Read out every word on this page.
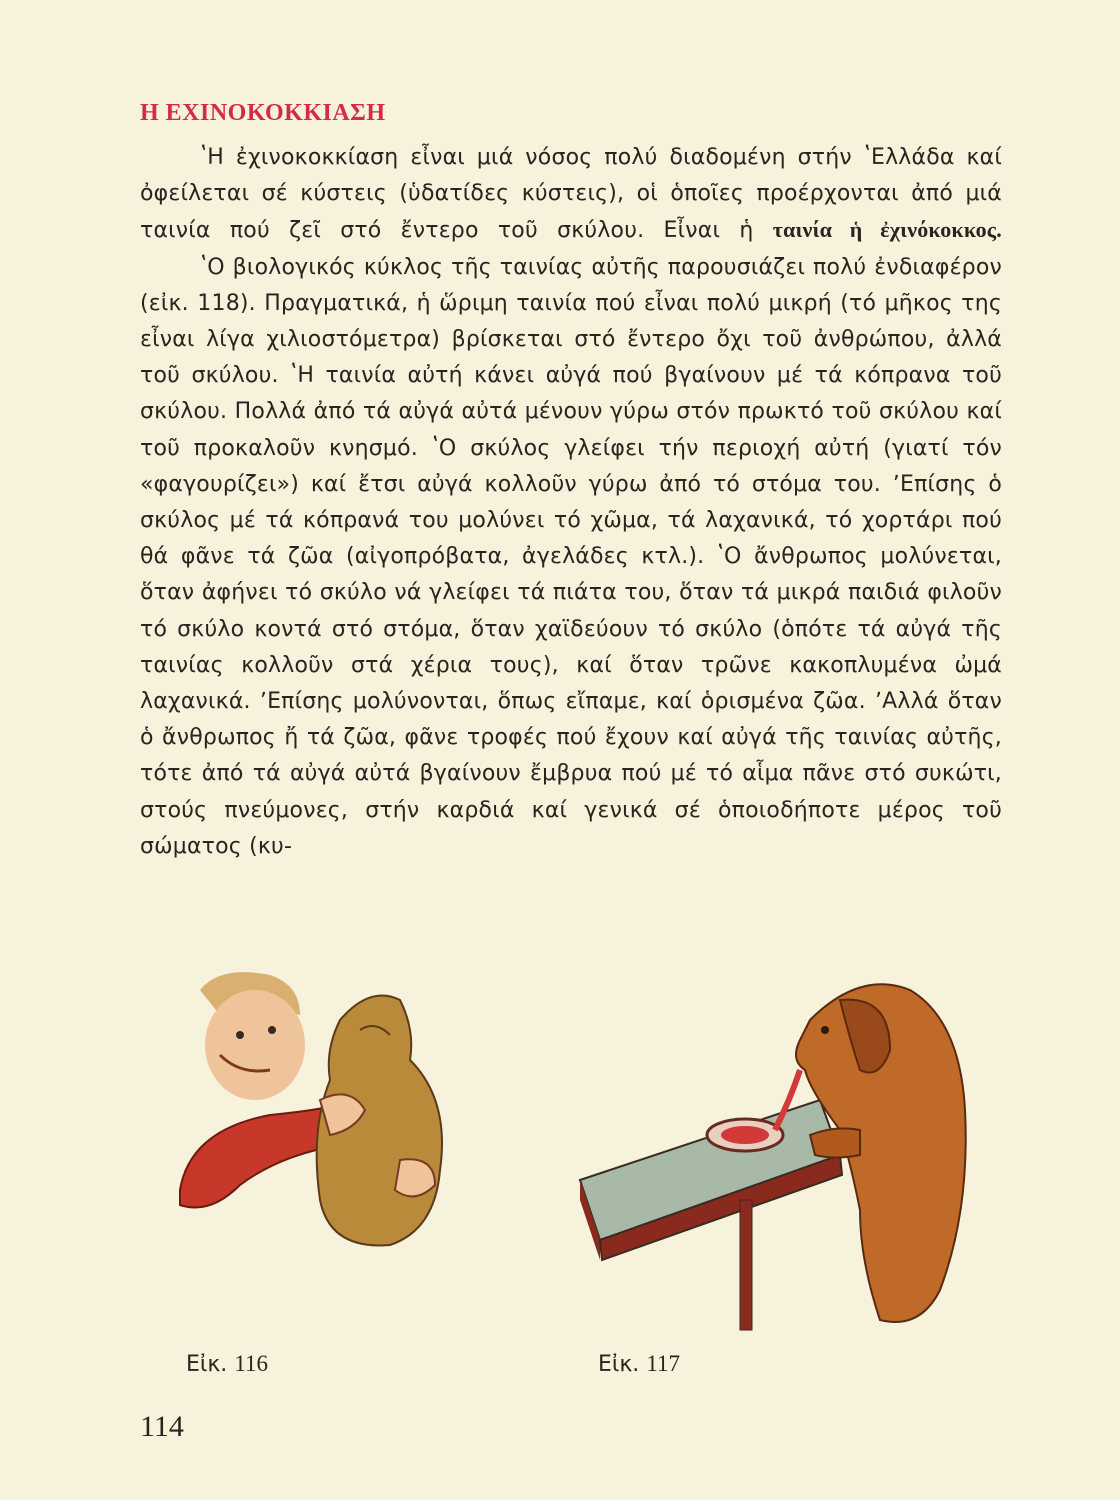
Η ΕΧΙΝΟΚΟΚΚΙΑΣΗ

ʽΗ ἐχινοκοκκίαση εἶναι μιά νόσος πολύ διαδομένη στήν ʽΕλλάδα καί ὀφείλεται σέ κύστεις (ὑδατίδες κύστεις), οἱ ὁποῖες προέρχονται ἀπό μιά ταινία πού ζεῖ στό ἔντερο τοῦ σκύλου. Εἶναι ἡ ταινία ἡ ἐχινόκοκκος.

ʽΟ βιολογικός κύκλος τῆς ταινίας αὐτῆς παρουσιάζει πολύ ἐνδιαφέρον (εἰκ. 118). Πραγματικά, ἡ ὥριμη ταινία πού εἶναι πολύ μικρή (τό μῆκος της εἶναι λίγα χιλιοστόμετρα) βρίσκεται στό ἔντερο ὄχι τοῦ ἀνθρώπου, ἀλλά τοῦ σκύλου. ʽΗ ταινία αὐτή κάνει αὐγά πού βγαίνουν μέ τά κόπρανα τοῦ σκύλου. Πολλά ἀπό τά αὐγά αὐτά μένουν γύρω στόν πρωκτό τοῦ σκύλου καί τοῦ προκαλοῦν κνησμό. ʽΟ σκύλος γλείφει τήν περιοχή αὐτή (γιατί τόν «φαγουρίζει») καί ἔτσι αὐγά κολλοῦν γύρω ἀπό τό στόμα του. ʼΕπίσης ὁ σκύλος μέ τά κόπρανά του μολύνει τό χῶμα, τά λαχανικά, τό χορτάρι πού θά φᾶνε τά ζῶα (αἰγοπρόβατα, ἀγελάδες κτλ.). ʽΟ ἄνθρωπος μολύνεται, ὅταν ἀφήνει τό σκύλο νά γλείφει τά πιάτα του, ὅταν τά μικρά παιδιά φιλοῦν τό σκύλο κοντά στό στόμα, ὅταν χαϊδεύουν τό σκύλο (ὁπότε τά αὐγά τῆς ταινίας κολλοῦν στά χέρια τους), καί ὅταν τρῶνε κακοπλυμένα ὠμά λαχανικά. ʼΕπίσης μολύνονται, ὅπως εἴπαμε, καί ὁρισμένα ζῶα. ʼΑλλά ὅταν ὁ ἄνθρωπος ἤ τά ζῶα, φᾶνε τροφές πού ἔχουν καί αὐγά τῆς ταινίας αὐτῆς, τότε ἀπό τά αὐγά αὐτά βγαίνουν ἔμβρυα πού μέ τό αἷμα πᾶνε στό συκώτι, στούς πνεύμονες, στήν καρδιά καί γενικά σέ ὁποιοδήποτε μέρος τοῦ σώματος (κυ-

Εἰκ. 116	Εἰκ. 117
114
